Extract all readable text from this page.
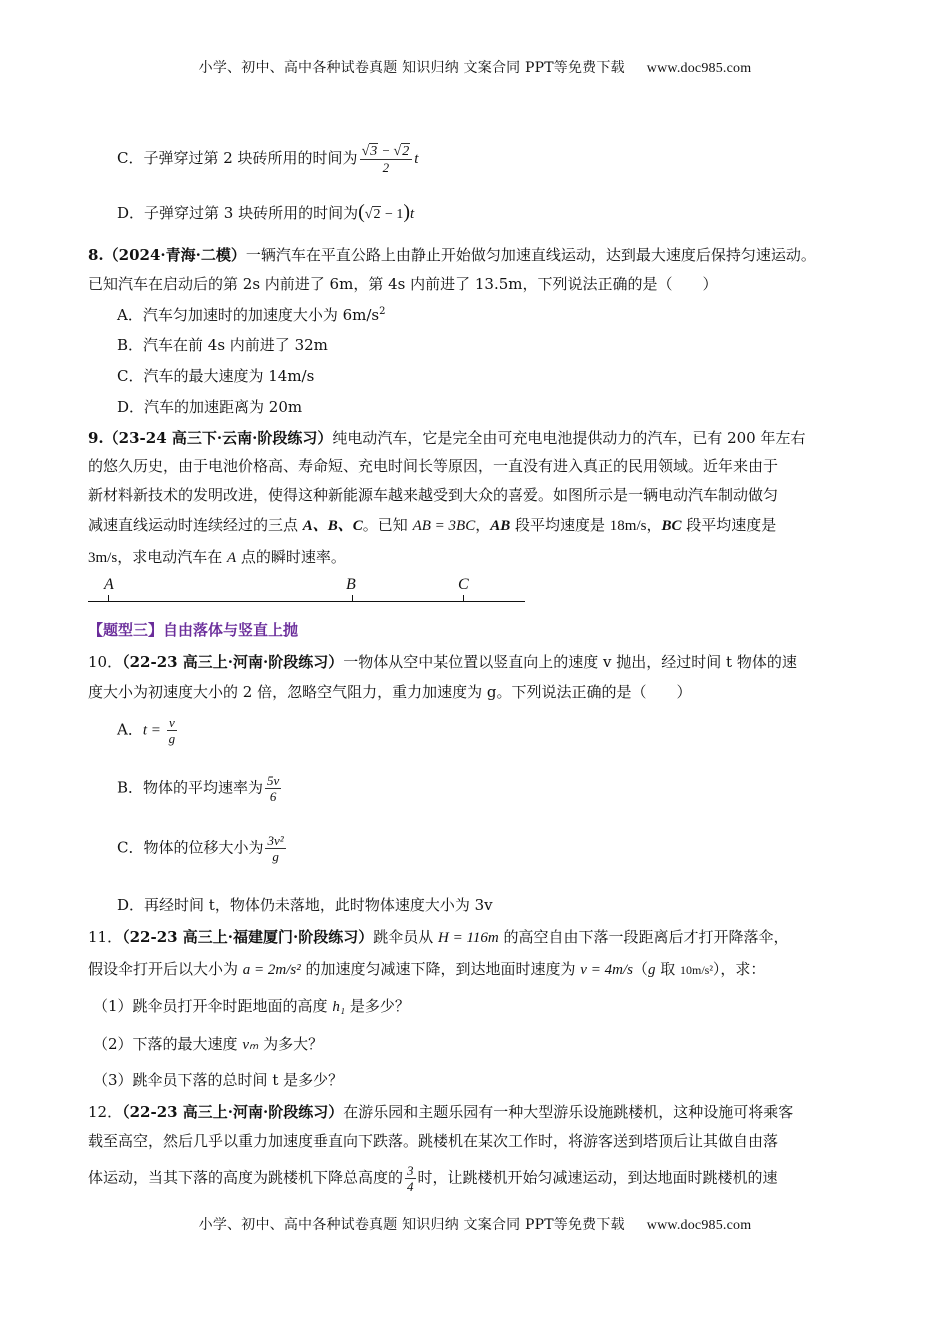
小学、初中、高中各种试卷真题 知识归纳 文案合同 PPT等免费下载 www.doc985.com
C．子弹穿过第 2 块砖所用的时间为 $\frac{√3 - √2}{2}$ t
D．子弹穿过第 3 块砖所用的时间为(√2 − 1)t
8.（2024·青海·二模）一辆汽车在平直公路上由静止开始做匀加速直线运动，达到最大速度后保持匀速运动。
已知汽车在启动后的第 2s 内前进了 6m，第 4s 内前进了 13.5m，下列说法正确的是（　　）
A．汽车匀加速时的加速度大小为 $6m/s^2$
B．汽车在前 4s 内前进了 32m
C．汽车的最大速度为 14m/s
D．汽车的加速距离为 20m
9.（23-24 高三下·云南·阶段练习）纯电动汽车，它是完全由可充电电池提供动力的汽车，已有 200 年左右
的悠久历史，由于电池价格高、寿命短、充电时间长等原因，一直没有进入真正的民用领域。近年来由于
新材料新技术的发明改进，使得这种新能源车越来越受到大众的喜爱。如图所示是一辆电动汽车制动做匀
减速直线运动时连续经过的三点 A、B、C。已知 AB = 3BC，AB 段平均速度是 18m/s，BC 段平均速度是
3m/s，求电动汽车在 A 点的瞬时速率。
A	B	C
【题型三】自由落体与竖直上抛
10．（22-23 高三上·河南·阶段练习）一物体从空中某位置以竖直向上的速度 v 抛出，经过时间 t 物体的速
度大小为初速度大小的 2 倍，忽略空气阻力，重力加速度为 g。下列说法正确的是（　　）
A．$t = \frac{v}{g}$
B．物体的平均速率为 $\frac{5v}{6}$
C．物体的位移大小为 $\frac{\text{3v²}}{g}$
D．再经时间 t，物体仍未落地，此时物体速度大小为 3v
11．（22-23 高三上·福建厦门·阶段练习）跳伞员从 H = 116m 的高空自由下落一段距离后才打开降落伞，
假设伞打开后以大小为 a = 2m/s² 的加速度匀减速下降，到达地面时速度为 v = 4m/s（g 取 10m/s²），求：
（1）跳伞员打开伞时距地面的高度 h₁ 是多少？
（2）下落的最大速度 vₘ 为多大？
（3）跳伞员下落的总时间 t 是多少？
12．（22-23 高三上·河南·阶段练习）在游乐园和主题乐园有一种大型游乐设施跳楼机，这种设施可将乘客
载至高空，然后几乎以重力加速度垂直向下跌落。跳楼机在某次工作时，将游客送到塔顶后让其做自由落
体运动，当其下落的高度为跳楼机下降总高度的 $\frac{3}{4}$ 时，让跳楼机开始匀减速运动，到达地面时跳楼机的速
小学、初中、高中各种试卷真题 知识归纳 文案合同 PPT等免费下载 www.doc985.com
